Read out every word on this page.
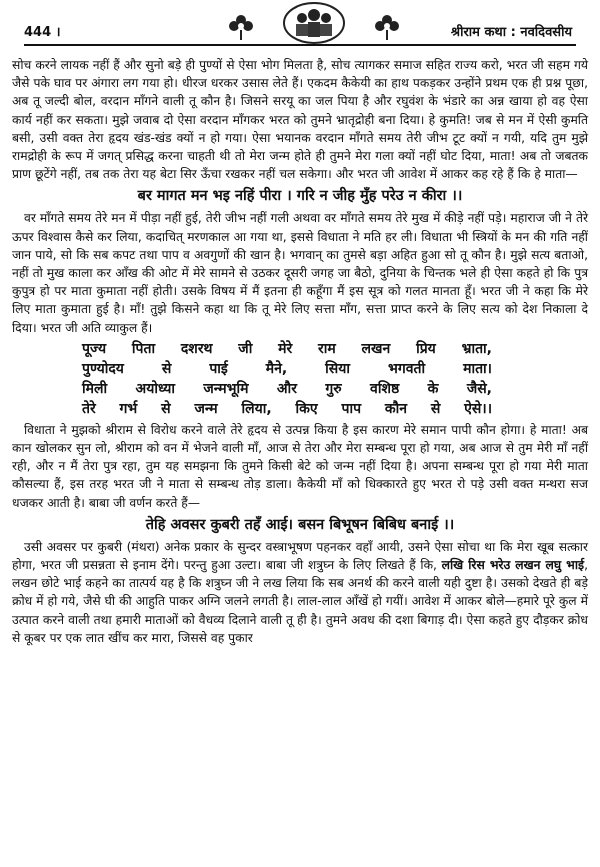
444 ।	श्रीराम कथा : नवदिवसीय

सोच करने लायक नहीं हैं और सुनो बड़े ही पुण्यों से ऐसा भोग मिलता है, सोच त्यागकर समाज सहित राज्य करो, भरत जी सहम गये जैसे पके घाव पर अंगारा लग गया हो। धीरज धरकर उसास लेते हैं। एकदम कैकेयी का हाथ पकड़कर उन्होंने प्रथम एक ही प्रश्न पूछा, अब तू जल्दी बोल, वरदान माँगने वाली तू कौन है। जिसने सरयू का जल पिया है और रघुवंश के भंडारे का अन्न खाया हो वह ऐसा कार्य नहीं कर सकता। मुझे जवाब दो ऐसा वरदान माँगकर भरत को तुमने भ्रातृद्रोही बना दिया। हे कुमति! जब से मन में ऐसी कुमति बसी, उसी वक्त तेरा हृदय खंड-खंड क्यों न हो गया। ऐसा भयानक वरदान माँगते समय तेरी जीभ टूट क्यों न गयी, यदि तुम मुझे रामद्रोही के रूप में जगत् प्रसिद्ध करना चाहती थी तो मेरा जन्म होते ही तुमने मेरा गला क्यों नहीं घोट दिया, माता! अब तो जबतक प्राण छूटेंगे नहीं, तब तक तेरा यह बेटा सिर ऊँचा रखकर नहीं चल सकेगा। और भरत जी आवेश में आकर कह रहे हैं कि हे माता—

बर मागत मन भइ नहिं पीरा । गरि न जीह मुँह परेउ न कीरा ।।

वर माँगते समय तेरे मन में पीड़ा नहीं हुई, तेरी जीभ नहीं गली अथवा वर माँगते समय तेरे मुख में कीड़े नहीं पड़े। महाराज जी ने तेरे ऊपर विश्वास कैसे कर लिया, कदाचित् मरणकाल आ गया था, इससे विधाता ने मति हर ली। विधाता भी स्त्रियों के मन की गति नहीं जान पाये, सो कि सब कपट तथा पाप व अवगुणों की खान है। भगवान् का तुमसे बड़ा अहित हुआ सो तू कौन है। मुझे सत्य बताओ, नहीं तो मुख काला कर आँख की ओट में मेरे सामने से उठकर दूसरी जगह जा बैठो, दुनिया के चिन्तक भले ही ऐसा कहते हो कि पुत्र कुपुत्र हो पर माता कुमाता नहीं होती। उसके विषय में मैं इतना ही कहूँगा मैं इस सूत्र को गलत मानता हूँ। भरत जी ने कहा कि मेरे लिए माता कुमाता हुई है। माँ! तुझे किसने कहा था कि तू मेरे लिए सत्ता माँग, सत्ता प्राप्त करने के लिए सत्य को देश निकाला दे दिया। भरत जी अति व्याकुल हैं।

पूज्य पिता दशरथ जी मेरे राम लखन प्रिय भ्राता,
पुण्योदय से पाई मैने, सिया भगवती माता।
मिली अयोध्या जन्मभूमि और गुरु वशिष्ठ के जैसे,
तेरे गर्भ से जन्म लिया, किए पाप कौन से ऐसे।।

विधाता ने मुझको श्रीराम से विरोध करने वाले तेरे हृदय से उत्पन्न किया है इस कारण मेरे समान पापी कौन होगा। हे माता! अब कान खोलकर सुन लो, श्रीराम को वन में भेजने वाली माँ, आज से तेरा और मेरा सम्बन्ध पूरा हो गया, अब आज से तुम मेरी माँ नहीं रही, और न मैं तेरा पुत्र रहा, तुम यह समझना कि तुमने किसी बेटे को जन्म नहीं दिया है। अपना सम्बन्ध पूरा हो गया मेरी माता कौसल्या हैं, इस तरह भरत जी ने माता से सम्बन्ध तोड़ डाला। कैकेयी माँ को धिक्कारते हुए भरत रो पड़े उसी वक्त मन्थरा सज धजकर आती है। बाबा जी वर्णन करते हैं—

तेहि अवसर कुबरी तहँ आई। बसन बिभूषन बिबिध बनाई ।।

उसी अवसर पर कुबरी (मंथरा) अनेक प्रकार के सुन्दर वस्त्राभूषण पहनकर वहाँ आयी, उसने ऐसा सोचा था कि मेरा खूब सत्कार होगा, भरत जी प्रसन्नता से इनाम देंगे। परन्तु हुआ उल्टा। बाबा जी शत्रुघ्न के लिए लिखते हैं कि, लखि रिस भरेउ लखन लघु भाई, लखन छोटे भाई कहने का तात्पर्य यह है कि शत्रुघ्न जी ने लख लिया कि सब अनर्थ की करने वाली यही दुष्टा है। उसको देखते ही बड़े क्रोध में हो गये, जैसे घी की आहुति पाकर अग्नि जलने लगती है। लाल-लाल आँखें हो गयीं। आवेश में आकर बोले—हमारे पूरे कुल में उत्पात करने वाली तथा हमारी माताओं को वैधव्य दिलाने वाली तू ही है। तुमने अवध की दशा बिगाड़ दी। ऐसा कहते हुए दौड़कर क्रोध से कूबर पर एक लात खींच कर मारा, जिससे वह पुकार
